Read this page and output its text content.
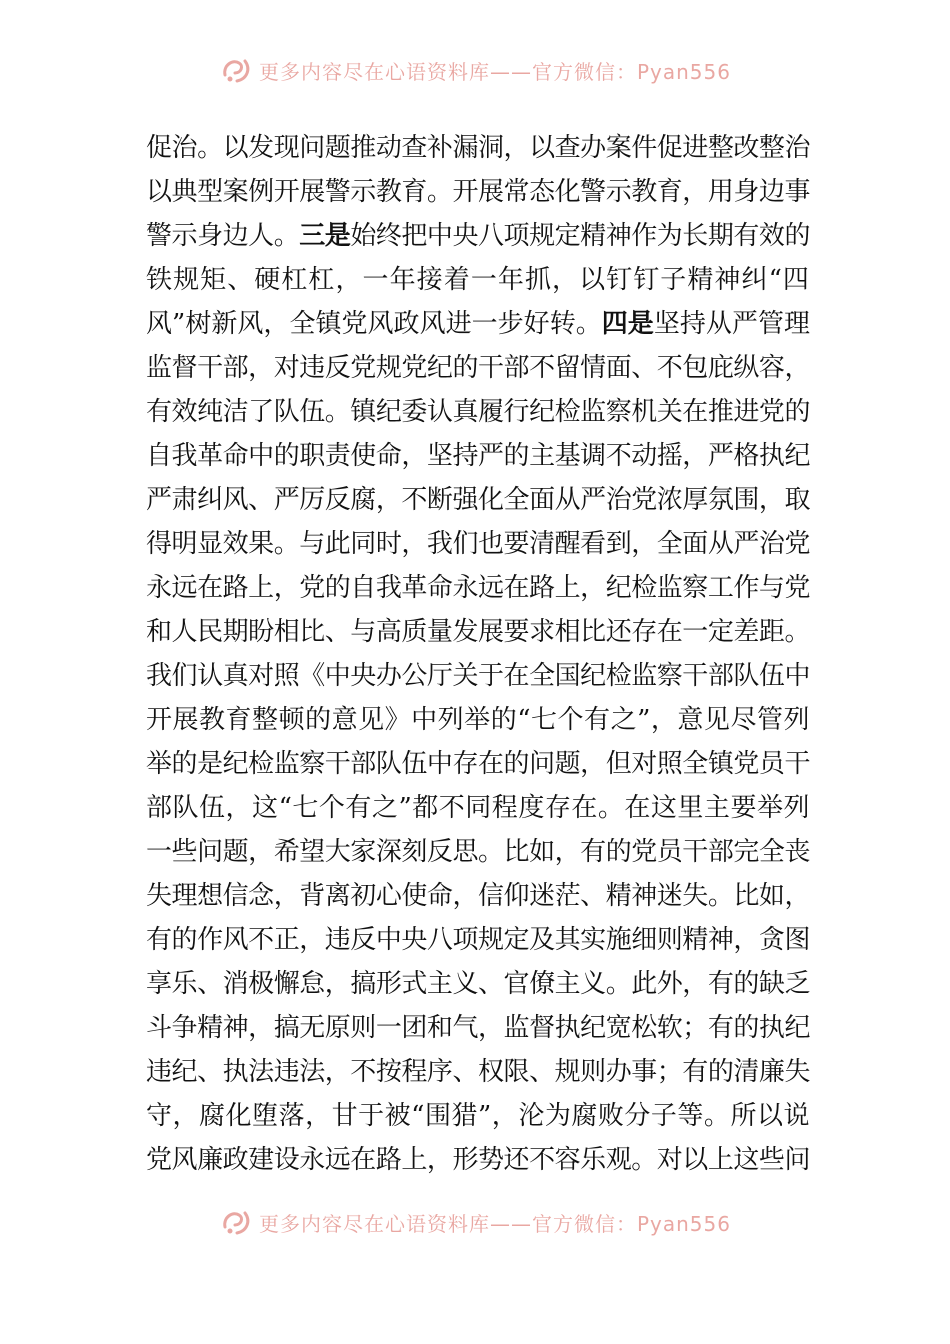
更多内容尽在心语资料库——官方微信：Pyan556
促治。以发现问题推动查补漏洞，以查办案件促进整改整治
以典型案例开展警示教育。开展常态化警示教育，用身边事
警示身边人。三是始终把中央八项规定精神作为长期有效的
铁规矩、硬杠杠，一年接着一年抓，以钉钉子精神纠“四
风”树新风，全镇党风政风进一步好转。四是坚持从严管理
监督干部，对违反党规党纪的干部不留情面、不包庇纵容，
有效纯洁了队伍。镇纪委认真履行纪检监察机关在推进党的
自我革命中的职责使命，坚持严的主基调不动摇，严格执纪
严肃纠风、严厉反腐，不断强化全面从严治党浓厚氛围，取
得明显效果。与此同时，我们也要清醒看到，全面从严治党
永远在路上，党的自我革命永远在路上，纪检监察工作与党
和人民期盼相比、与高质量发展要求相比还存在一定差距。
我们认真对照《中央办公厅关于在全国纪检监察干部队伍中
开展教育整顿的意见》中列举的“七个有之”，意见尽管列
举的是纪检监察干部队伍中存在的问题，但对照全镇党员干
部队伍，这“七个有之”都不同程度存在。在这里主要举列
一些问题，希望大家深刻反思。比如，有的党员干部完全丧
失理想信念，背离初心使命，信仰迷茫、精神迷失。比如，
有的作风不正，违反中央八项规定及其实施细则精神，贪图
享乐、消极懈怠，搞形式主义、官僚主义。此外，有的缺乏
斗争精神，搞无原则一团和气，监督执纪宽松软；有的执纪
违纪、执法违法，不按程序、权限、规则办事；有的清廉失
守，腐化堕落，甘于被“围猎”，沦为腐败分子等。所以说
党风廉政建设永远在路上，形势还不容乐观。对以上这些问
更多内容尽在心语资料库——官方微信：Pyan556
